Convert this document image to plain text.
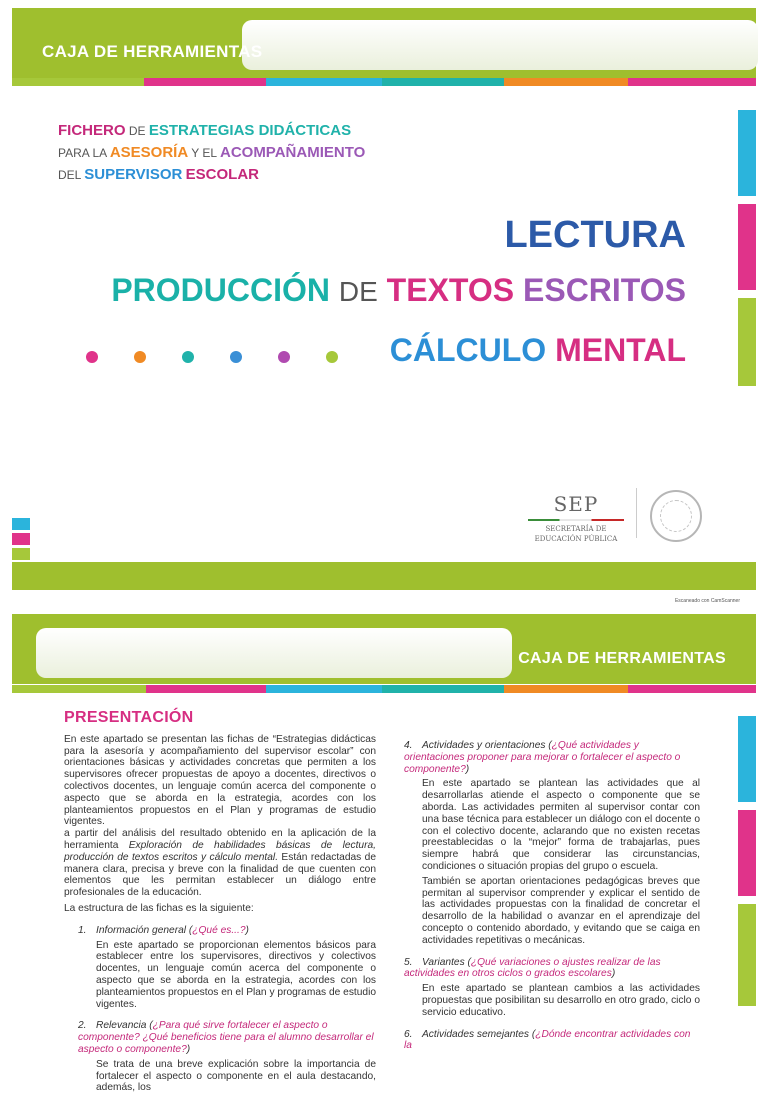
CAJA DE HERRAMIENTAS
FICHERO DE ESTRATEGIAS DIDÁCTICAS
PARA LA ASESORÍA Y EL ACOMPAÑAMIENTO
DEL SUPERVISOR ESCOLAR
LECTURA
PRODUCCIÓN DE TEXTOS ESCRITOS
CÁLCULO MENTAL
SEP
SECRETARÍA DE
EDUCACIÓN PÚBLICA
Escaneado con CamScanner
CAJA DE HERRAMIENTAS
PRESENTACIÓN

En este apartado se presentan las fichas de “Estrategias didácticas para la asesoría y acompañamiento del supervisor escolar” con orientaciones básicas y actividades concretas que permiten a los supervisores ofrecer propuestas de apoyo a docentes, directivos o colectivos docentes, un lenguaje común acerca del componente o aspecto que se aborda en la estrategia, acordes con los planteamientos propuestos en el Plan y programas de estudio vigentes.

a partir del análisis del resultado obtenido en la aplicación de la herramienta Exploración de habilidades básicas de lectura, producción de textos escritos y cálculo mental. Están redactadas de manera clara, precisa y breve con la finalidad de que cuenten con elementos que les permitan establecer un diálogo entre profesionales de la educación.

La estructura de las fichas es la siguiente:

1. Información general (¿Qué es...?)

En este apartado se proporcionan elementos básicos para establecer entre los supervisores, directivos y colectivos docentes, un lenguaje común acerca del componente o aspecto que se aborda en la estrategia, acordes con los planteamientos propuestos en el Plan y programas de estudio vigentes.

2. Relevancia (¿Para qué sirve fortalecer el aspecto o componente? ¿Qué beneficios tiene para el alumno desarrollar el aspecto o componente?)

Se trata de una breve explicación sobre la importancia de fortalecer el aspecto o componente en el aula destacando, además, los

4. Actividades y orientaciones (¿Qué actividades y orientaciones proponer para mejorar o fortalecer el aspecto o componente?)

En este apartado se plantean las actividades que al desarrollarlas atiende el aspecto o componente que se aborda. Las actividades permiten al supervisor contar con una base técnica para establecer un diálogo con el docente o con el colectivo docente, aclarando que no existen recetas preestablecidas o la “mejor” forma de trabajarlas, pues siempre habrá que considerar las circunstancias, condiciones o situación propias del grupo o escuela.

También se aportan orientaciones pedagógicas breves que permitan al supervisor comprender y explicar el sentido de las actividades propuestas con la finalidad de concretar el desarrollo de la habilidad o avanzar en el aprendizaje del concepto o contenido abordado, y evitando que se caiga en actividades repetitivas o mecánicas.

5. Variantes (¿Qué variaciones o ajustes realizar de las actividades en otros ciclos o grados escolares)

En este apartado se plantean cambios a las actividades propuestas que posibilitan su desarrollo en otro grado, ciclo o servicio educativo.

6. Actividades semejantes (¿Dónde encontrar actividades con la
